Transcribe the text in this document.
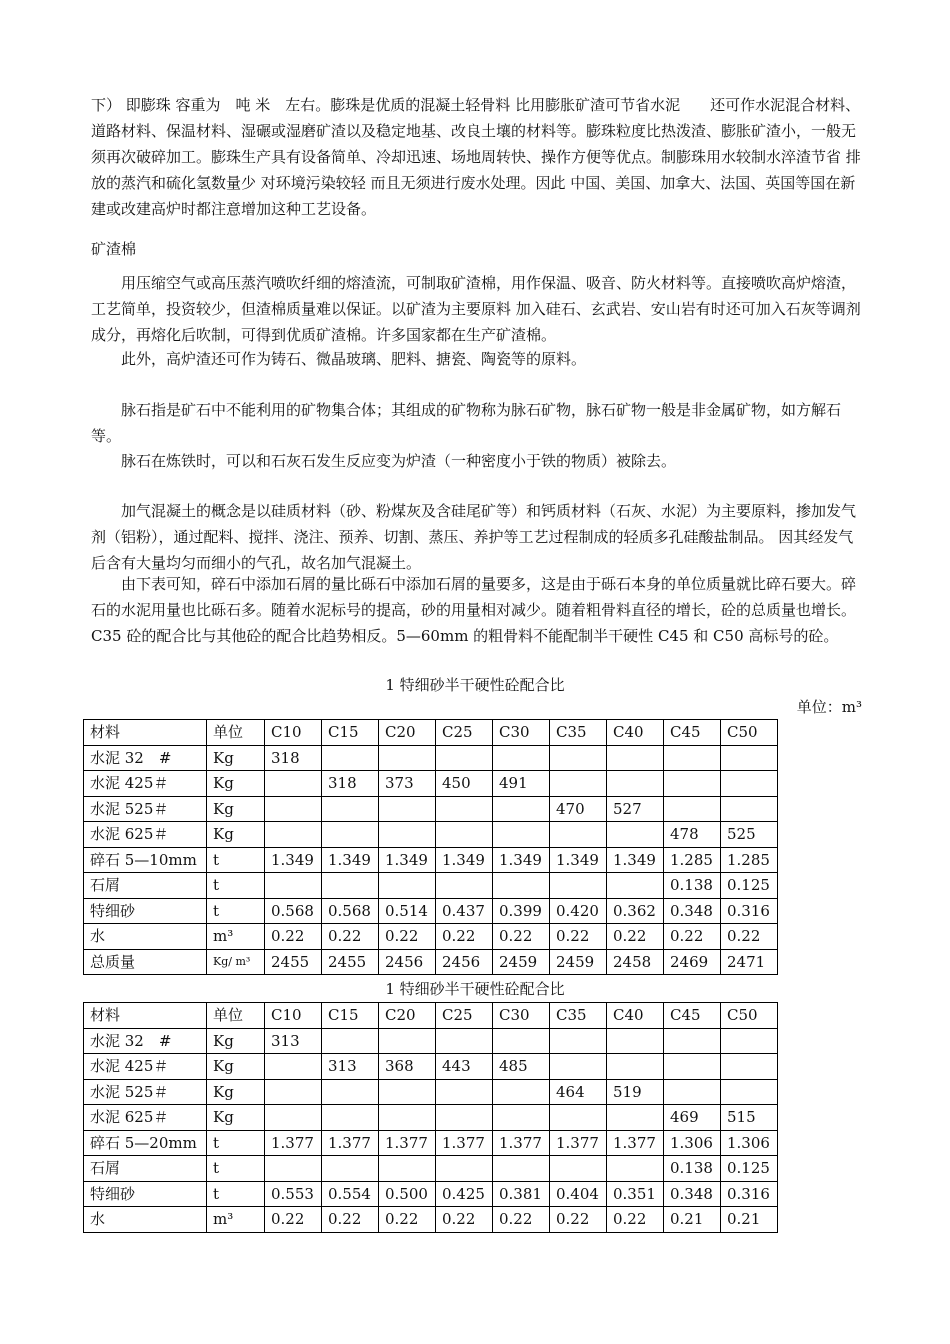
下） 即膨珠 容重为　吨 米　左右。膨珠是优质的混凝土轻骨料 比用膨胀矿渣可节省水泥　　还可作水泥混合材料、道路材料、保温材料、湿碾或湿磨矿渣以及稳定地基、改良土壤的材料等。膨珠粒度比热泼渣、膨胀矿渣小，一般无须再次破碎加工。膨珠生产具有设备简单、冷却迅速、场地周转快、操作方便等优点。制膨珠用水较制水淬渣节省 排放的蒸汽和硫化氢数量少 对环境污染较轻 而且无须进行废水处理。因此 中国、美国、加拿大、法国、英国等国在新建或改建高炉时都注意增加这种工艺设备。

矿渣棉

　　用压缩空气或高压蒸汽喷吹纤细的熔渣流，可制取矿渣棉，用作保温、吸音、防火材料等。直接喷吹高炉熔渣，工艺简单，投资较少，但渣棉质量难以保证。以矿渣为主要原料 加入硅石、玄武岩、安山岩有时还可加入石灰等调剂成分，再熔化后吹制，可得到优质矿渣棉。许多国家都在生产矿渣棉。

　　此外，高炉渣还可作为铸石、微晶玻璃、肥料、搪瓷、陶瓷等的原料。

　　脉石指是矿石中不能利用的矿物集合体；其组成的矿物称为脉石矿物，脉石矿物一般是非金属矿物，如方解石等。

　　脉石在炼铁时，可以和石灰石发生反应变为炉渣（一种密度小于铁的物质）被除去。

　　加气混凝土的概念是以硅质材料（砂、粉煤灰及含硅尾矿等）和钙质材料（石灰、水泥）为主要原料，掺加发气剂（铝粉），通过配料、搅拌、浇注、预养、切割、蒸压、养护等工艺过程制成的轻质多孔硅酸盐制品。 因其经发气后含有大量均匀而细小的气孔，故名加气混凝土。

　　由下表可知，碎石中添加石屑的量比砾石中添加石屑的量要多，这是由于砾石本身的单位质量就比碎石要大。碎石的水泥用量也比砾石多。随着水泥标号的提高，砂的用量相对减少。随着粗骨料直径的增长，砼的总质量也增长。C35 砼的配合比与其他砼的配合比趋势相反。5—60mm 的粗骨料不能配制半干硬性 C45 和 C50 高标号的砼。

1 特细砂半干硬性砼配合比

单位：m³

材料	单位	C10	C15	C20	C25	C30	C35	C40	C45	C50
水泥 32　#	Kg	318								
水泥 425＃	Kg		318	373	450	491				
水泥 525＃	Kg						470	527		
水泥 625＃	Kg								478	525
碎石 5—10mm	t	1.349	1.349	1.349	1.349	1.349	1.349	1.349	1.285	1.285
石屑	t								0.138	0.125
特细砂	t	0.568	0.568	0.514	0.437	0.399	0.420	0.362	0.348	0.316
水	m³	0.22	0.22	0.22	0.22	0.22	0.22	0.22	0.22	0.22
总质量	Kg/ m³	2455	2455	2456	2456	2459	2459	2458	2469	2471

1 特细砂半干硬性砼配合比

材料	单位	C10	C15	C20	C25	C30	C35	C40	C45	C50
水泥 32　#	Kg	313								
水泥 425＃	Kg		313	368	443	485				
水泥 525＃	Kg						464	519		
水泥 625＃	Kg								469	515
碎石 5—20mm	t	1.377	1.377	1.377	1.377	1.377	1.377	1.377	1.306	1.306
石屑	t								0.138	0.125
特细砂	t	0.553	0.554	0.500	0.425	0.381	0.404	0.351	0.348	0.316
水	m³	0.22	0.22	0.22	0.22	0.22	0.22	0.22	0.21	0.21
